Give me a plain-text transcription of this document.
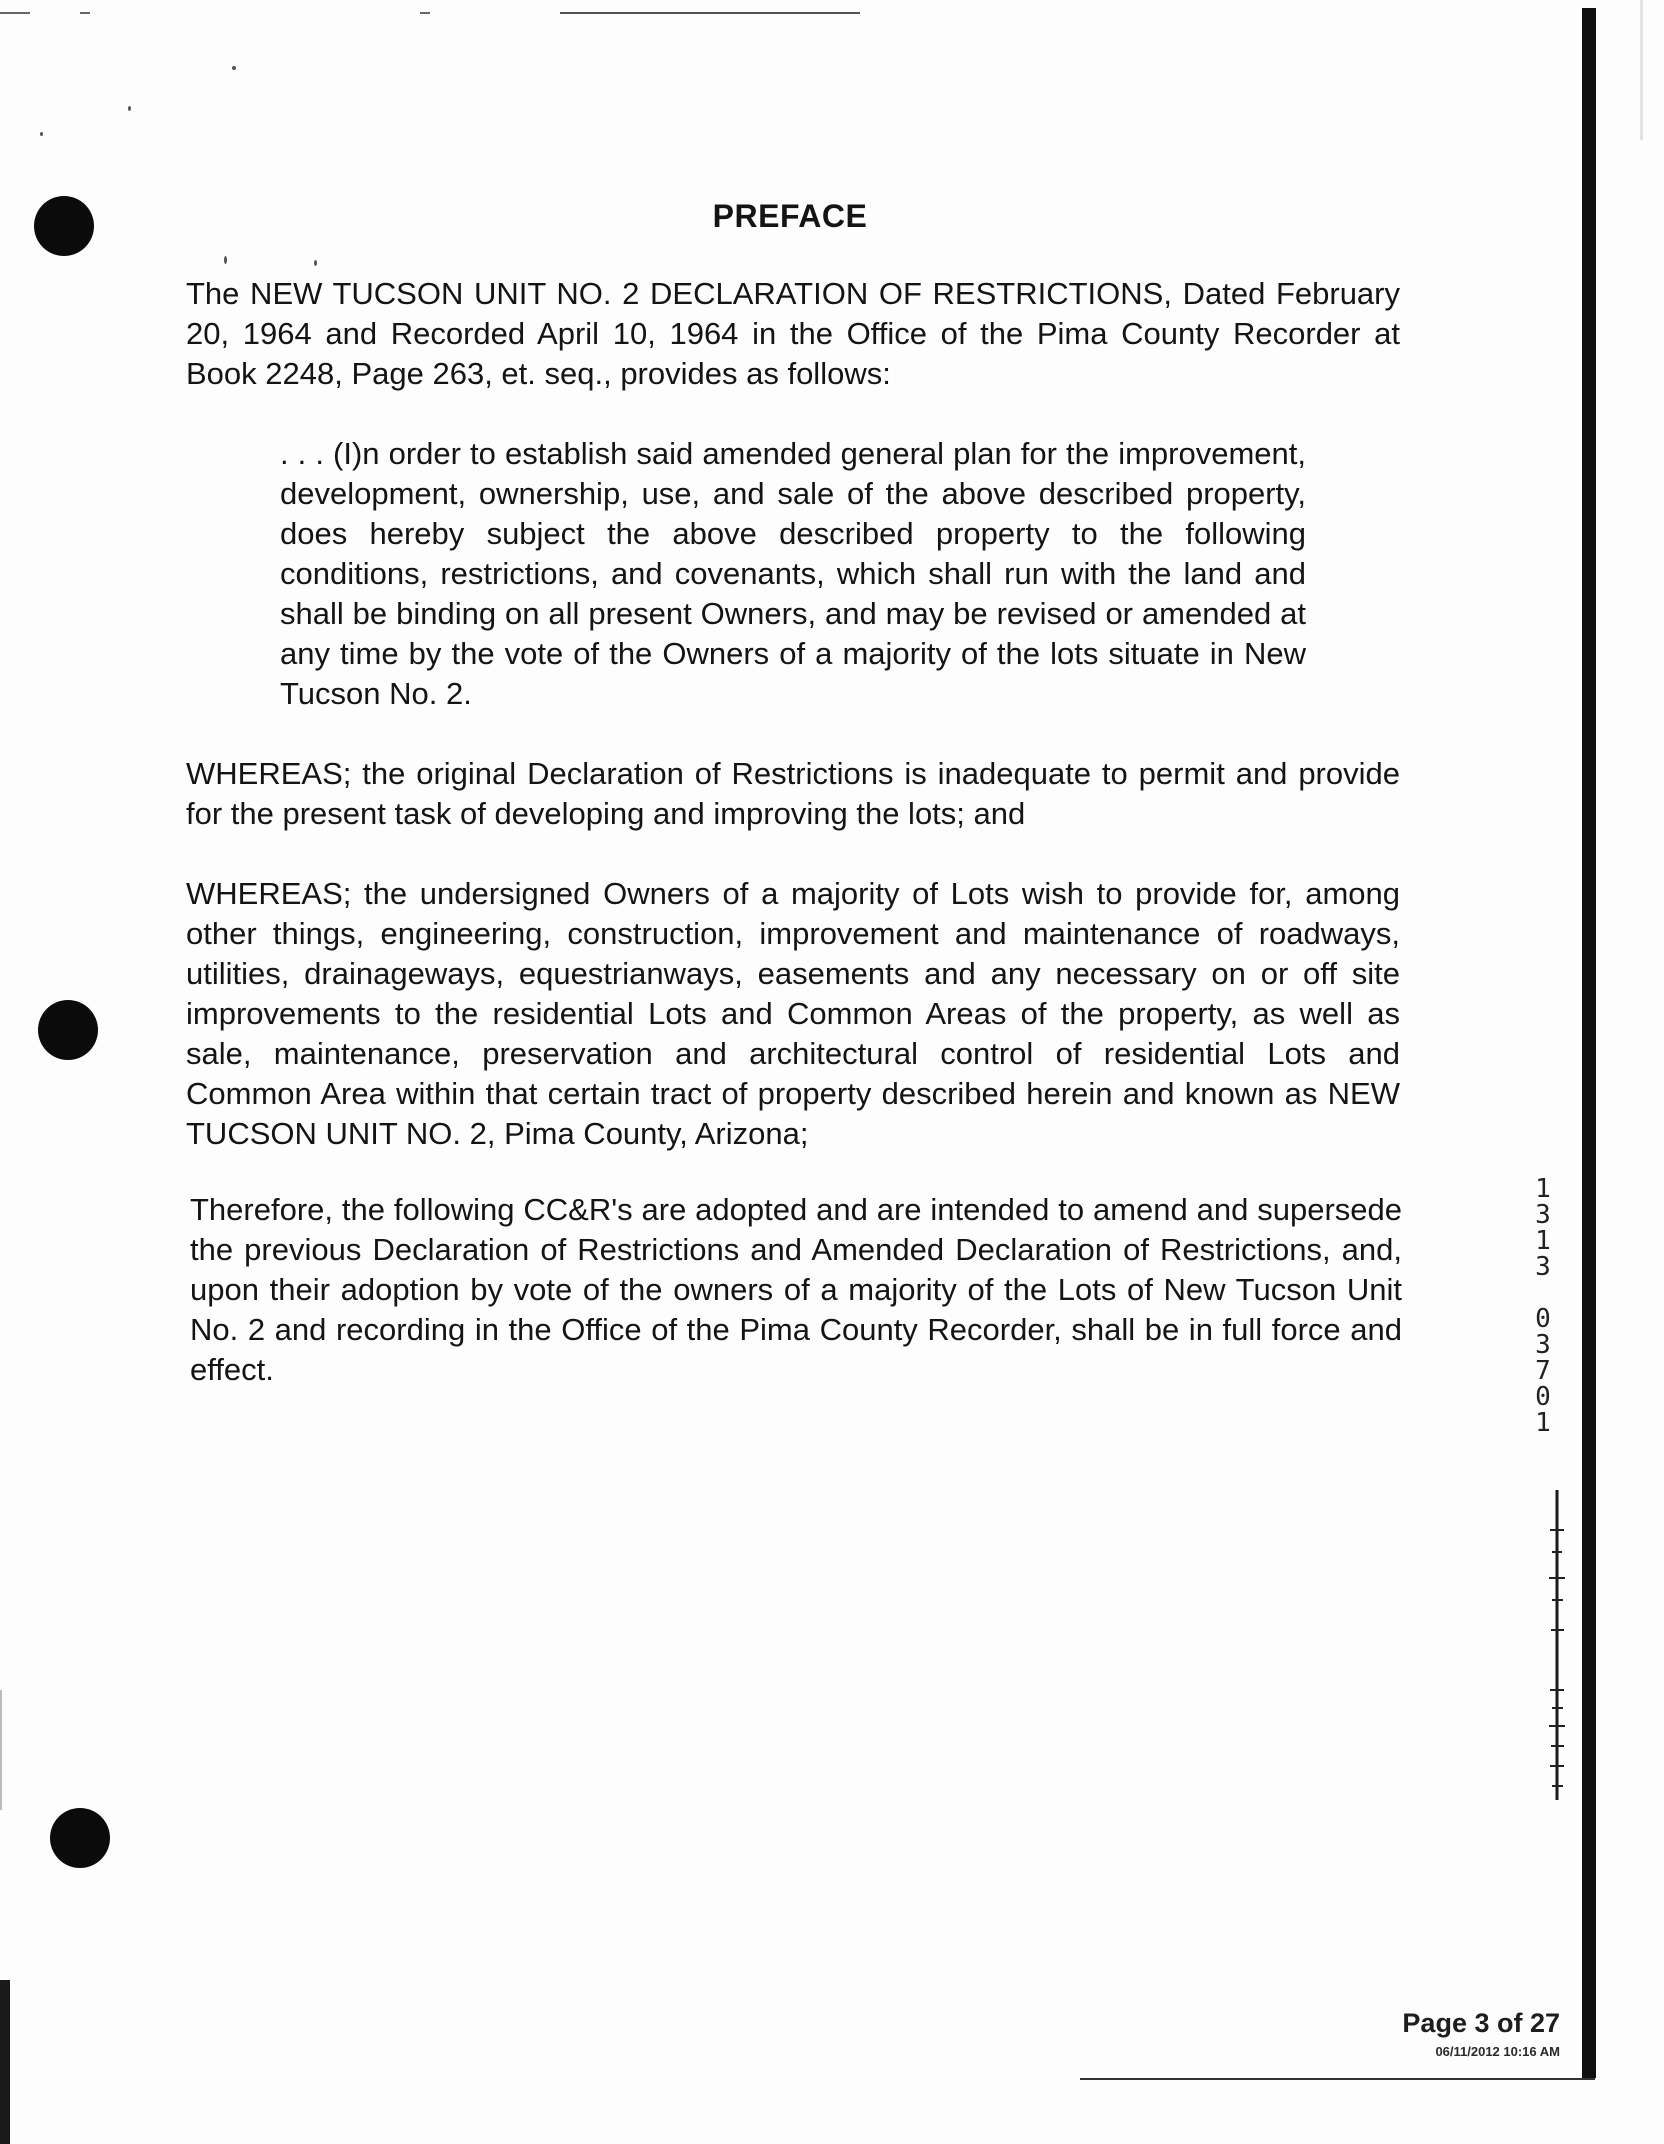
PREFACE

The NEW TUCSON UNIT NO. 2 DECLARATION OF RESTRICTIONS, Dated February 20, 1964 and Recorded April 10, 1964 in the Office of the Pima County Recorder at Book 2248, Page 263, et. seq., provides as follows:

. . . (I)n order to establish said amended general plan for the improvement, development, ownership, use, and sale of the above described property, does hereby subject the above described property to the following conditions, restrictions, and covenants, which shall run with the land and shall be binding on all present Owners, and may be revised or amended at any time by the vote of the Owners of a majority of the lots situate in New Tucson No. 2.

WHEREAS; the original Declaration of Restrictions is inadequate to permit and provide for the present task of developing and improving the lots; and

WHEREAS; the undersigned Owners of a majority of Lots wish to provide for, among other things, engineering, construction, improvement and maintenance of roadways, utilities, drainageways, equestrianways, easements and any necessary on or off site improvements to the residential Lots and Common Areas of the property, as well as sale, maintenance, preservation and architectural control of residential Lots and Common Area within that certain tract of property described herein and known as NEW TUCSON UNIT NO. 2, Pima County, Arizona;

Therefore, the following CC&R's are adopted and are intended to amend and supersede the previous Declaration of Restrictions and Amended Declaration of Restrictions, and, upon their adoption by vote of the owners of a majority of the Lots of New Tucson Unit No. 2 and recording in the Office of the Pima County Recorder, shall be in full force and effect.

1
3
1
3
0
3
7
0
1
Page 3 of 27
06/11/2012 10:16 AM
